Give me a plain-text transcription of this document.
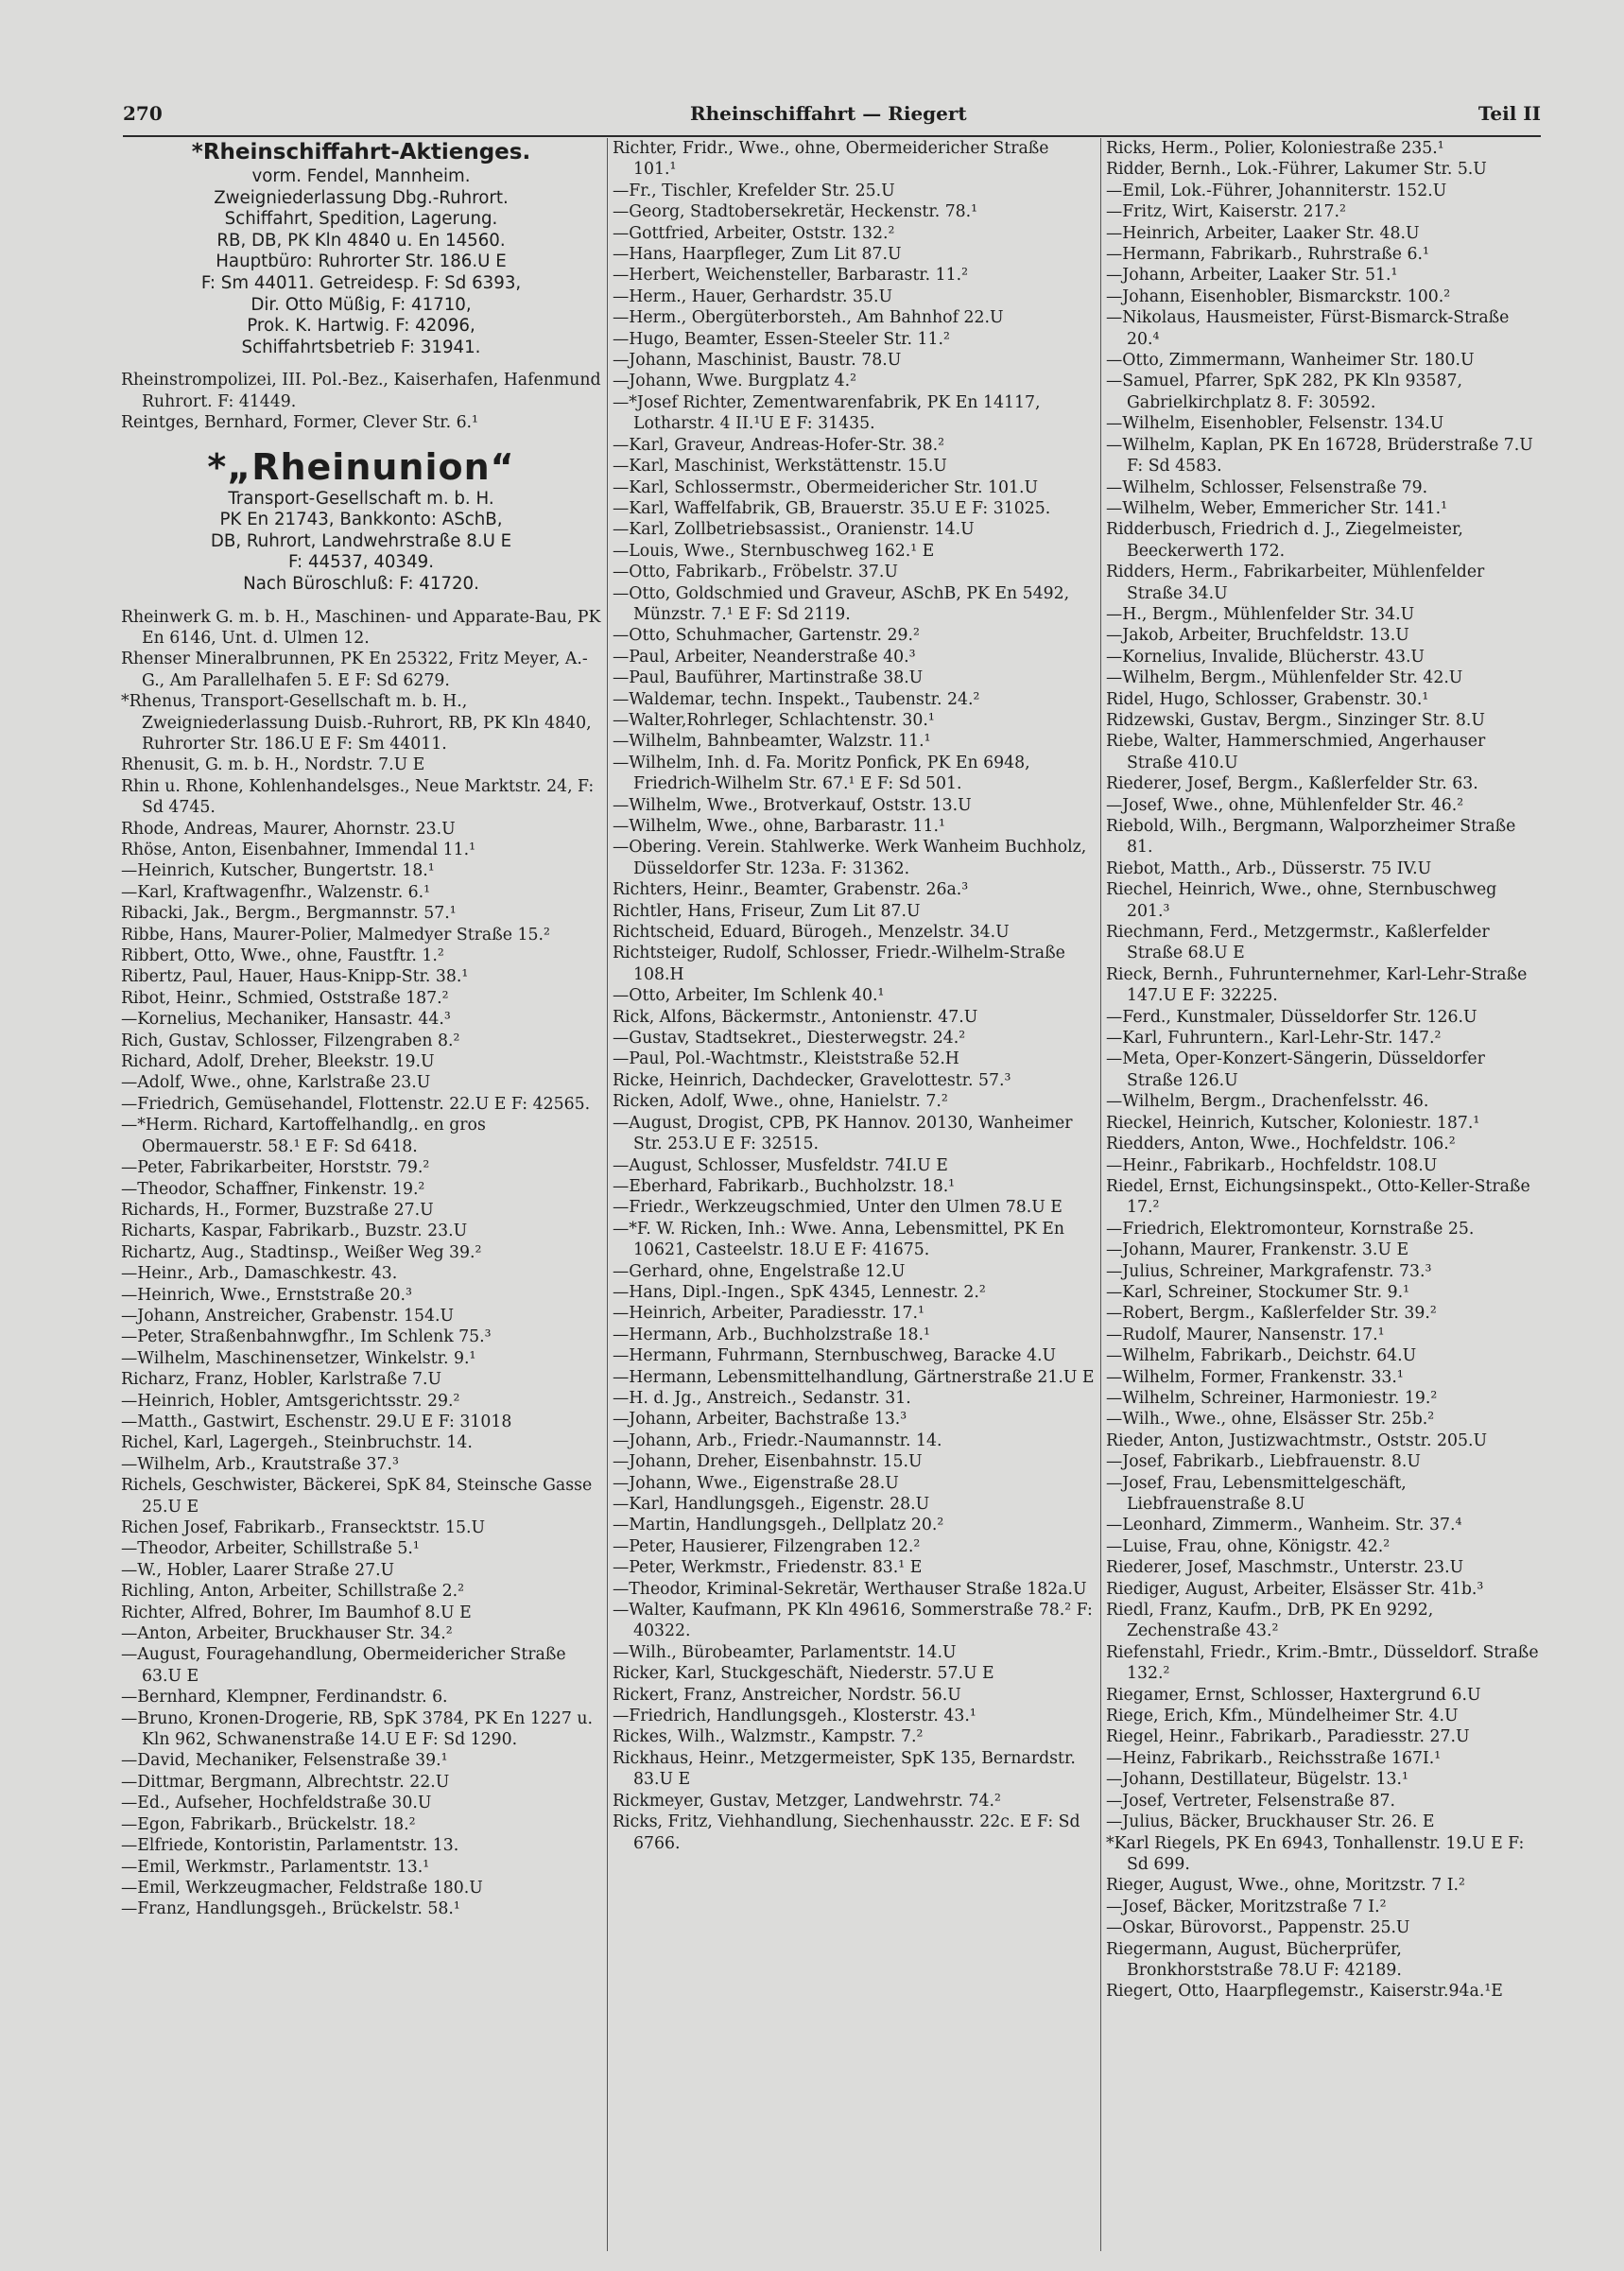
270	Rheinschiffahrt — Riegert	Teil II
*Rheinschiffahrt-Aktienges.
vorm. Fendel, Mannheim.
Zweigniederlassung Dbg.-Ruhrort.
Schiffahrt, Spedition, Lagerung.
RB, DB, PK Kln 4840 u. En 14560.
Hauptbüro: Ruhrorter Str. 186.U E
F: Sm 44011. Getreidesp. F: Sd 6393,
Dir. Otto Müßig, F: 41710,
Prok. K. Hartwig. F: 42096,
Schiffahrtsbetrieb F: 31941.

Rheinstrompolizei, III. Pol.-Bez., Kaiserhafen, Hafenmund Ruhrort. F: 41449.

Reintges, Bernhard, Former, Clever Str. 6.¹

*„Rheinunion“
Transport-Gesellschaft m. b. H.
PK En 21743, Bankkonto: ASchB,
DB, Ruhrort, Landwehrstraße 8.U E
F: 44537, 40349.
Nach Büroschluß: F: 41720.

Rheinwerk G. m. b. H., Maschinen- und Apparate-Bau, PK En 6146, Unt. d. Ulmen 12.

Rhenser Mineralbrunnen, PK En 25322, Fritz Meyer, A.-G., Am Parallelhafen 5. E F: Sd 6279.

*Rhenus, Transport-Gesellschaft m. b. H., Zweigniederlassung Duisb.-Ruhrort, RB, PK Kln 4840, Ruhrorter Str. 186.U E F: Sm 44011.

Rhenusit, G. m. b. H., Nordstr. 7.U E

Rhin u. Rhone, Kohlenhandelsges., Neue Marktstr. 24, F: Sd 4745.

Rhode, Andreas, Maurer, Ahornstr. 23.U

Rhöse, Anton, Eisenbahner, Immendal 11.¹

—Heinrich, Kutscher, Bungertstr. 18.¹

—Karl, Kraftwagenfhr., Walzenstr. 6.¹

Ribacki, Jak., Bergm., Bergmannstr. 57.¹

Ribbe, Hans, Maurer-Polier, Malmedyer Straße 15.²

Ribbert, Otto, Wwe., ohne, Faustftr. 1.²

Ribertz, Paul, Hauer, Haus-Knipp-Str. 38.¹

Ribot, Heinr., Schmied, Oststraße 187.²

—Kornelius, Mechaniker, Hansastr. 44.³

Rich, Gustav, Schlosser, Filzengraben 8.²

Richard, Adolf, Dreher, Bleekstr. 19.U

—Adolf, Wwe., ohne, Karlstraße 23.U

—Friedrich, Gemüsehandel, Flottenstr. 22.U E F: 42565.

—*Herm. Richard, Kartoffelhandlg,. en gros Obermauerstr. 58.¹ E F: Sd 6418.

—Peter, Fabrikarbeiter, Horststr. 79.²

—Theodor, Schaffner, Finkenstr. 19.²

Richards, H., Former, Buzstraße 27.U

Richarts, Kaspar, Fabrikarb., Buzstr. 23.U

Richartz, Aug., Stadtinsp., Weißer Weg 39.²

—Heinr., Arb., Damaschkestr. 43.

—Heinrich, Wwe., Ernststraße 20.³

—Johann, Anstreicher, Grabenstr. 154.U

—Peter, Straßenbahnwgfhr., Im Schlenk 75.³

—Wilhelm, Maschinensetzer, Winkelstr. 9.¹

Richarz, Franz, Hobler, Karlstraße 7.U

—Heinrich, Hobler, Amtsgerichtsstr. 29.²

—Matth., Gastwirt, Eschenstr. 29.U E F: 31018

Richel, Karl, Lagergeh., Steinbruchstr. 14.

—Wilhelm, Arb., Krautstraße 37.³

Richels, Geschwister, Bäckerei, SpK 84, Steinsche Gasse 25.U E

Richen Josef, Fabrikarb., Fransecktstr. 15.U

—Theodor, Arbeiter, Schillstraße 5.¹

—W., Hobler, Laarer Straße 27.U

Richling, Anton, Arbeiter, Schillstraße 2.²

Richter, Alfred, Bohrer, Im Baumhof 8.U E

—Anton, Arbeiter, Bruckhauser Str. 34.²

—August, Fouragehandlung, Obermeidericher Straße 63.U E

—Bernhard, Klempner, Ferdinandstr. 6.

—Bruno, Kronen-Drogerie, RB, SpK 3784, PK En 1227 u. Kln 962, Schwanenstraße 14.U E F: Sd 1290.

—David, Mechaniker, Felsenstraße 39.¹

—Dittmar, Bergmann, Albrechtstr. 22.U

—Ed., Aufseher, Hochfeldstraße 30.U

—Egon, Fabrikarb., Brückelstr. 18.²

—Elfriede, Kontoristin, Parlamentstr. 13.

—Emil, Werkmstr., Parlamentstr. 13.¹

—Emil, Werkzeugmacher, Feldstraße 180.U

—Franz, Handlungsgeh., Brückelstr. 58.¹

Richter, Fridr., Wwe., ohne, Obermeidericher Straße 101.¹

—Fr., Tischler, Krefelder Str. 25.U

—Georg, Stadtobersekretär, Heckenstr. 78.¹

—Gottfried, Arbeiter, Oststr. 132.²

—Hans, Haarpfleger, Zum Lit 87.U

—Herbert, Weichensteller, Barbarastr. 11.²

—Herm., Hauer, Gerhardstr. 35.U

—Herm., Obergüterborsteh., Am Bahnhof 22.U

—Hugo, Beamter, Essen-Steeler Str. 11.²

—Johann, Maschinist, Baustr. 78.U

—Johann, Wwe. Burgplatz 4.²

—*Josef Richter, Zementwarenfabrik, PK En 14117, Lotharstr. 4 II.¹U E F: 31435.

—Karl, Graveur, Andreas-Hofer-Str. 38.²

—Karl, Maschinist, Werkstättenstr. 15.U

—Karl, Schlossermstr., Obermeidericher Str. 101.U

—Karl, Waffelfabrik, GB, Brauerstr. 35.U E F: 31025.

—Karl, Zollbetriebsassist., Oranienstr. 14.U

—Louis, Wwe., Sternbuschweg 162.¹ E

—Otto, Fabrikarb., Fröbelstr. 37.U

—Otto, Goldschmied und Graveur, ASchB, PK En 5492, Münzstr. 7.¹ E F: Sd 2119.

—Otto, Schuhmacher, Gartenstr. 29.²

—Paul, Arbeiter, Neanderstraße 40.³

—Paul, Bauführer, Martinstraße 38.U

—Waldemar, techn. Inspekt., Taubenstr. 24.²

—Walter,Rohrleger, Schlachtenstr. 30.¹

—Wilhelm, Bahnbeamter, Walzstr. 11.¹

—Wilhelm, Inh. d. Fa. Moritz Ponfick, PK En 6948, Friedrich-Wilhelm Str. 67.¹ E F: Sd 501.

—Wilhelm, Wwe., Brotverkauf, Oststr. 13.U

—Wilhelm, Wwe., ohne, Barbarastr. 11.¹

—Obering. Verein. Stahlwerke. Werk Wanheim Buchholz, Düsseldorfer Str. 123a. F: 31362.

Richters, Heinr., Beamter, Grabenstr. 26a.³

Richtler, Hans, Friseur, Zum Lit 87.U

Richtscheid, Eduard, Bürogeh., Menzelstr. 34.U

Richtsteiger, Rudolf, Schlosser, Friedr.-Wilhelm-Straße 108.H

—Otto, Arbeiter, Im Schlenk 40.¹

Rick, Alfons, Bäckermstr., Antonienstr. 47.U

—Gustav, Stadtsekret., Diesterwegstr. 24.²

—Paul, Pol.-Wachtmstr., Kleiststraße 52.H

Ricke, Heinrich, Dachdecker, Gravelottestr. 57.³

Ricken, Adolf, Wwe., ohne, Hanielstr. 7.²

—August, Drogist, CPB, PK Hannov. 20130, Wanheimer Str. 253.U E F: 32515.

—August, Schlosser, Musfeldstr. 74I.U E

—Eberhard, Fabrikarb., Buchholzstr. 18.¹

—Friedr., Werkzeugschmied, Unter den Ulmen 78.U E

—*F. W. Ricken, Inh.: Wwe. Anna, Lebensmittel, PK En 10621, Casteelstr. 18.U E F: 41675.

—Gerhard, ohne, Engelstraße 12.U

—Hans, Dipl.-Ingen., SpK 4345, Lennestr. 2.²

—Heinrich, Arbeiter, Paradiesstr. 17.¹

—Hermann, Arb., Buchholzstraße 18.¹

—Hermann, Fuhrmann, Sternbuschweg, Baracke 4.U

—Hermann, Lebensmittelhandlung, Gärtnerstraße 21.U E

—H. d. Jg., Anstreich., Sedanstr. 31.

—Johann, Arbeiter, Bachstraße 13.³

—Johann, Arb., Friedr.-Naumannstr. 14.

—Johann, Dreher, Eisenbahnstr. 15.U

—Johann, Wwe., Eigenstraße 28.U

—Karl, Handlungsgeh., Eigenstr. 28.U

—Martin, Handlungsgeh., Dellplatz 20.²

—Peter, Hausierer, Filzengraben 12.²

—Peter, Werkmstr., Friedenstr. 83.¹ E

—Theodor, Kriminal-Sekretär, Werthauser Straße 182a.U

—Walter, Kaufmann, PK Kln 49616, Sommerstraße 78.² F: 40322.

—Wilh., Bürobeamter, Parlamentstr. 14.U

Ricker, Karl, Stuckgeschäft, Niederstr. 57.U E

Rickert, Franz, Anstreicher, Nordstr. 56.U

—Friedrich, Handlungsgeh., Klosterstr. 43.¹

Rickes, Wilh., Walzmstr., Kampstr. 7.²

Rickhaus, Heinr., Metzgermeister, SpK 135, Bernardstr. 83.U E

Rickmeyer, Gustav, Metzger, Landwehrstr. 74.²

Ricks, Fritz, Viehhandlung, Siechenhausstr. 22c. E F: Sd 6766.

Ricks, Herm., Polier, Koloniestraße 235.¹

Ridder, Bernh., Lok.-Führer, Lakumer Str. 5.U

—Emil, Lok.-Führer, Johanniterstr. 152.U

—Fritz, Wirt, Kaiserstr. 217.²

—Heinrich, Arbeiter, Laaker Str. 48.U

—Hermann, Fabrikarb., Ruhrstraße 6.¹

—Johann, Arbeiter, Laaker Str. 51.¹

—Johann, Eisenhobler, Bismarckstr. 100.²

—Nikolaus, Hausmeister, Fürst-Bismarck-Straße 20.⁴

—Otto, Zimmermann, Wanheimer Str. 180.U

—Samuel, Pfarrer, SpK 282, PK Kln 93587, Gabrielkirchplatz 8. F: 30592.

—Wilhelm, Eisenhobler, Felsenstr. 134.U

—Wilhelm, Kaplan, PK En 16728, Brüderstraße 7.U F: Sd 4583.

—Wilhelm, Schlosser, Felsenstraße 79.

—Wilhelm, Weber, Emmericher Str. 141.¹

Ridderbusch, Friedrich d. J., Ziegelmeister, Beeckerwerth 172.

Ridders, Herm., Fabrikarbeiter, Mühlenfelder Straße 34.U

—H., Bergm., Mühlenfelder Str. 34.U

—Jakob, Arbeiter, Bruchfeldstr. 13.U

—Kornelius, Invalide, Blücherstr. 43.U

—Wilhelm, Bergm., Mühlenfelder Str. 42.U

Ridel, Hugo, Schlosser, Grabenstr. 30.¹

Ridzewski, Gustav, Bergm., Sinzinger Str. 8.U

Riebe, Walter, Hammerschmied, Angerhauser Straße 410.U

Riederer, Josef, Bergm., Kaßlerfelder Str. 63.

—Josef, Wwe., ohne, Mühlenfelder Str. 46.²

Riebold, Wilh., Bergmann, Walporzheimer Straße 81.

Riebot, Matth., Arb., Düsserstr. 75 IV.U

Riechel, Heinrich, Wwe., ohne, Sternbuschweg 201.³

Riechmann, Ferd., Metzgermstr., Kaßlerfelder Straße 68.U E

Rieck, Bernh., Fuhrunternehmer, Karl-Lehr-Straße 147.U E F: 32225.

—Ferd., Kunstmaler, Düsseldorfer Str. 126.U

—Karl, Fuhruntern., Karl-Lehr-Str. 147.²

—Meta, Oper-Konzert-Sängerin, Düsseldorfer Straße 126.U

—Wilhelm, Bergm., Drachenfelsstr. 46.

Rieckel, Heinrich, Kutscher, Koloniestr. 187.¹

Riedders, Anton, Wwe., Hochfeldstr. 106.²

—Heinr., Fabrikarb., Hochfeldstr. 108.U

Riedel, Ernst, Eichungsinspekt., Otto-Keller-Straße 17.²

—Friedrich, Elektromonteur, Kornstraße 25.

—Johann, Maurer, Frankenstr. 3.U E

—Julius, Schreiner, Markgrafenstr. 73.³

—Karl, Schreiner, Stockumer Str. 9.¹

—Robert, Bergm., Kaßlerfelder Str. 39.²

—Rudolf, Maurer, Nansenstr. 17.¹

—Wilhelm, Fabrikarb., Deichstr. 64.U

—Wilhelm, Former, Frankenstr. 33.¹

—Wilhelm, Schreiner, Harmoniestr. 19.²

—Wilh., Wwe., ohne, Elsässer Str. 25b.²

Rieder, Anton, Justizwachtmstr., Oststr. 205.U

—Josef, Fabrikarb., Liebfrauenstr. 8.U

—Josef, Frau, Lebensmittelgeschäft, Liebfrauenstraße 8.U

—Leonhard, Zimmerm., Wanheim. Str. 37.⁴

—Luise, Frau, ohne, Königstr. 42.²

Riederer, Josef, Maschmstr., Unterstr. 23.U

Riediger, August, Arbeiter, Elsässer Str. 41b.³

Riedl, Franz, Kaufm., DrB, PK En 9292, Zechenstraße 43.²

Riefenstahl, Friedr., Krim.-Bmtr., Düsseldorf. Straße 132.²

Riegamer, Ernst, Schlosser, Haxtergrund 6.U

Riege, Erich, Kfm., Mündelheimer Str. 4.U

Riegel, Heinr., Fabrikarb., Paradiesstr. 27.U

—Heinz, Fabrikarb., Reichsstraße 167I.¹

—Johann, Destillateur, Bügelstr. 13.¹

—Josef, Vertreter, Felsenstraße 87.

—Julius, Bäcker, Bruckhauser Str. 26. E

*Karl Riegels, PK En 6943, Tonhallenstr. 19.U E F: Sd 699.

Rieger, August, Wwe., ohne, Moritzstr. 7 I.²

—Josef, Bäcker, Moritzstraße 7 I.²

—Oskar, Bürovorst., Pappenstr. 25.U

Riegermann, August, Bücherprüfer, Bronkhorststraße 78.U F: 42189.

Riegert, Otto, Haarpflegemstr., Kaiserstr.94a.¹E
